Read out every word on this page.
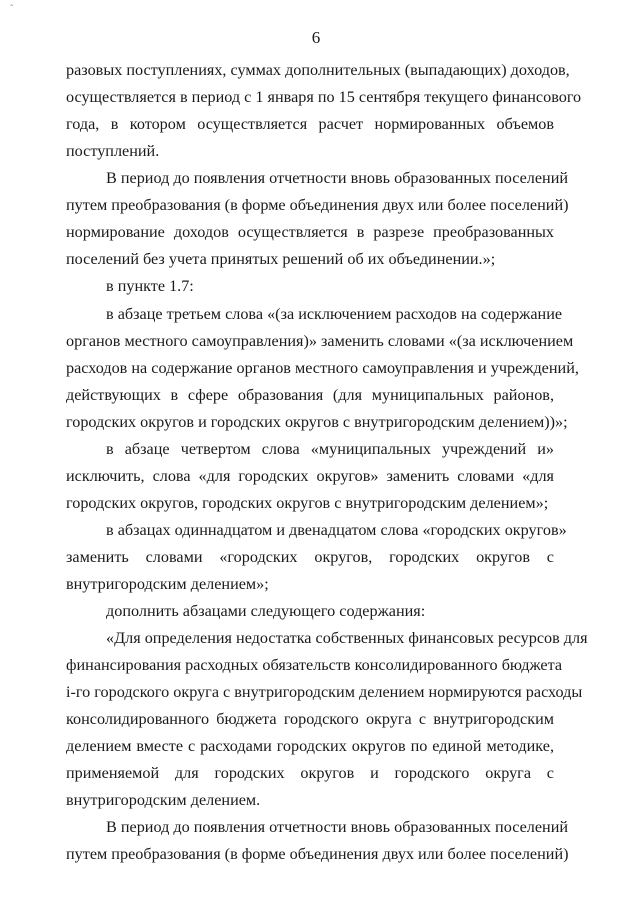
ˆ
6
разовых поступлениях, суммах дополнительных (выпадающих) доходов,
осуществляется в период с 1 января по 15 сентября текущего финансового
года, в котором осуществляется расчет нормированных объемов
поступлений.
В период до появления отчетности вновь образованных поселений
путем преобразования (в форме объединения двух или более поселений)
нормирование доходов осуществляется в разрезе преобразованных
поселений без учета принятых решений об их объединении.»;
в пункте 1.7:
в абзаце третьем слова «(за исключением расходов на содержание
органов местного самоуправления)» заменить словами «(за исключением
расходов на содержание органов местного самоуправления и учреждений,
действующих в сфере образования (для муниципальных районов,
городских округов и городских округов с внутригородским делением))»;
в абзаце четвертом слова «муниципальных учреждений и»
исключить, слова «для городских округов» заменить словами «для
городских округов, городских округов с внутригородским делением»;
в абзацах одиннадцатом и двенадцатом слова «городских округов»
заменить словами «городских округов, городских округов с
внутригородским делением»;
дополнить абзацами следующего содержания:
«Для определения недостатка собственных финансовых ресурсов для
финансирования расходных обязательств консолидированного бюджета
i-го городского округа с внутригородским делением нормируются расходы
консолидированного бюджета городского округа с внутригородским
делением вместе с расходами городских округов по единой методике,
применяемой для городских округов и городского округа с
внутригородским делением.
В период до появления отчетности вновь образованных поселений
путем преобразования (в форме объединения двух или более поселений)
